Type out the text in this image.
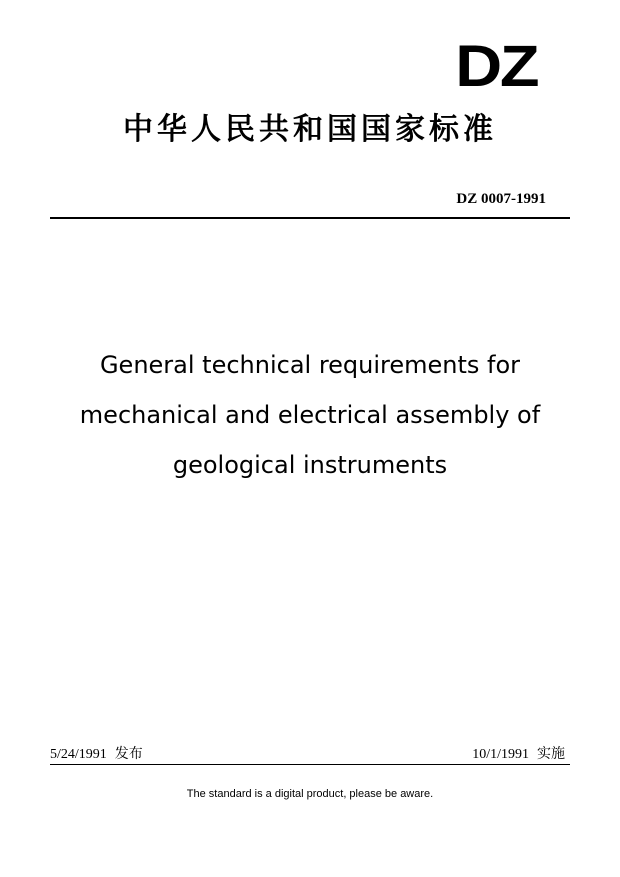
DZ
中华人民共和国国家标准
DZ 0007-1991
General technical requirements for
mechanical and electrical assembly of
geological instruments
5/24/1991 发布	10/1/1991 实施
The standard is a digital product, please be aware.
